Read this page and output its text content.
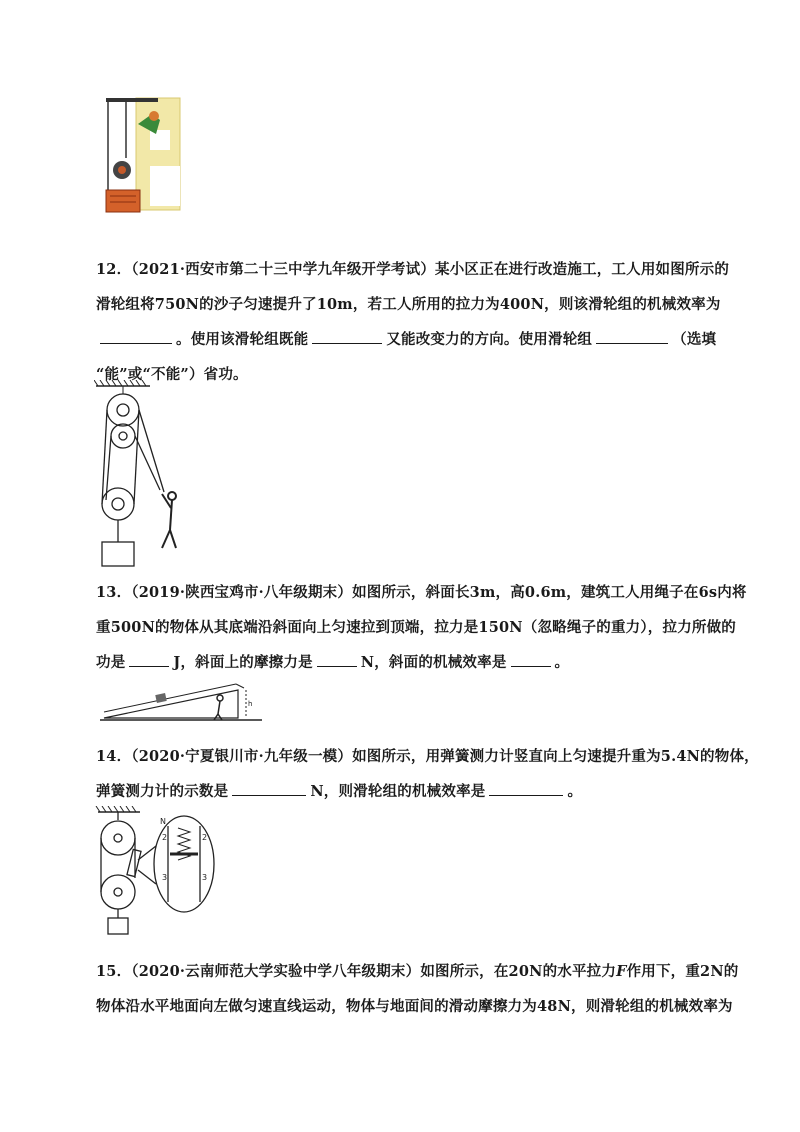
12．（2021·西安市第二十三中学九年级开学考试）某小区正在进行改造施工，工人用如图所示的

滑轮组将750N的沙子匀速提升了10m，若工人所用的拉力为400N，则该滑轮组的机械效率为

。使用该滑轮组既能	又能改变力的方向。使用滑轮组	（选填

“能”或“不能”）省功。

13．（2019·陕西宝鸡市·八年级期末）如图所示，斜面长3m，高0.6m，建筑工人用绳子在6s内将

重500N的物体从其底端沿斜面向上匀速拉到顶端，拉力是150N（忽略绳子的重力），拉力所做的

功是	J，斜面上的摩擦力是	N，斜面的机械效率是	。

h

14．（2020·宁夏银川市·九年级一模）如图所示，用弹簧测力计竖直向上匀速提升重为5.4N的物体，

弹簧测力计的示数是	N，则滑轮组的机械效率是	。

N
2	2
3	3

15．（2020·云南师范大学实验中学八年级期末）如图所示，在20N的水平拉力F作用下，重2N的

物体沿水平地面向左做匀速直线运动，物体与地面间的滑动摩擦力为48N，则滑轮组的机械效率为
